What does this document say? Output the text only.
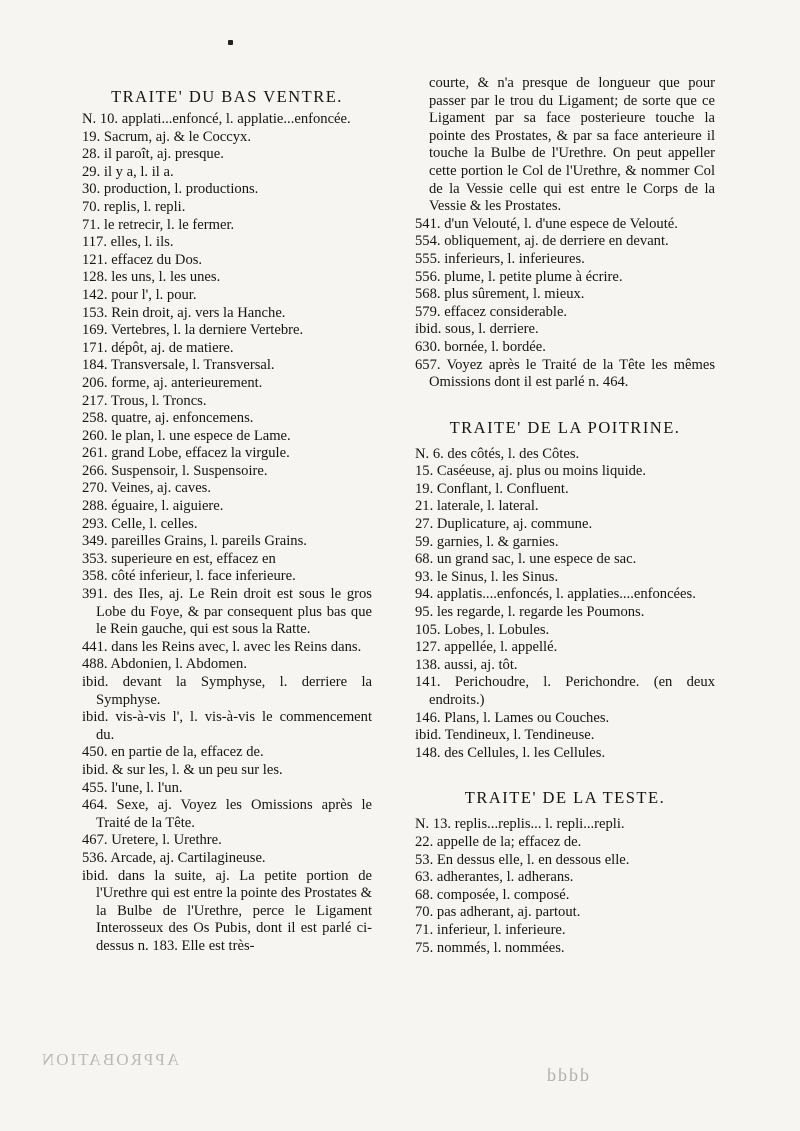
TRAITE' DU BAS VENTRE.
N. 10. applati...enfoncé, l. applatie...enfoncée.
19. Sacrum, aj. & le Coccyx.
28. il paroît, aj. presque.
29. il y a, l. il a.
30. production, l. productions.
70. replis, l. repli.
71. le retrecir, l. le fermer.
117. elles, l. ils.
121. effacez du Dos.
128. les uns, l. les unes.
142. pour l', l. pour.
153. Rein droit, aj. vers la Hanche.
169. Vertebres, l. la derniere Vertebre.
171. dépôt, aj. de matiere.
184. Transversale, l. Transversal.
206. forme, aj. anterieurement.
217. Trous, l. Troncs.
258. quatre, aj. enfoncemens.
260. le plan, l. une espece de Lame.
261. grand Lobe, effacez la virgule.
266. Suspensoir, l. Suspensoire.
270. Veines, aj. caves.
288. éguaire, l. aiguiere.
293. Celle, l. celles.
349. pareilles Grains, l. pareils Grains.
353. superieure en est, effacez en
358. côté inferieur, l. face inferieure.
391. des Iles, aj. Le Rein droit est sous le gros Lobe du Foye, & par consequent plus bas que le Rein gauche, qui est sous la Ratte.
441. dans les Reins avec, l. avec les Reins dans.
488. Abdonien, l. Abdomen.
ibid. devant la Symphyse, l. derriere la Symphyse.
ibid. vis-à-vis l', l. vis-à-vis le commencement du.
450. en partie de la, effacez de.
ibid. & sur les, l. & un peu sur les.
455. l'une, l. l'un.
464. Sexe, aj. Voyez les Omissions après le Traité de la Tête.
467. Uretere, l. Urethre.
536. Arcade, aj. Cartilagineuse.
ibid. dans la suite, aj. La petite portion de l'Urethre qui est entre la pointe des Prostates & la Bulbe de l'Urethre, perce le Ligament Interosseux des Os Pubis, dont il est parlé ci-dessus n. 183. Elle est très-
courte, & n'a presque de longueur que pour passer par le trou du Ligament; de sorte que ce Ligament par sa face posterieure touche la pointe des Prostates, & par sa face anterieure il touche la Bulbe de l'Urethre. On peut appeller cette portion le Col de l'Urethre, & nommer Col de la Vessie celle qui est entre le Corps de la Vessie & les Prostates.
541. d'un Velouté, l. d'une espece de Velouté.
554. obliquement, aj. de derriere en devant.
555. inferieurs, l. inferieures.
556. plume, l. petite plume à écrire.
568. plus sûrement, l. mieux.
579. effacez considerable.
ibid. sous, l. derriere.
630. bornée, l. bordée.
657. Voyez après le Traité de la Tête les mêmes Omissions dont il est parlé n. 464.
TRAITE' DE LA POITRINE.
N. 6. des côtés, l. des Côtes.
15. Caséeuse, aj. plus ou moins liquide.
19. Conflant, l. Confluent.
21. laterale, l. lateral.
27. Duplicature, aj. commune.
59. garnies, l. & garnies.
68. un grand sac, l. une espece de sac.
93. le Sinus, l. les Sinus.
94. applatis....enfoncés, l. applaties....enfoncées.
95. les regarde, l. regarde les Poumons.
105. Lobes, l. Lobules.
127. appellée, l. appellé.
138. aussi, aj. tôt.
141. Perichoudre, l. Perichondre. (en deux endroits.)
146. Plans, l. Lames ou Couches.
ibid. Tendineux, l. Tendineuse.
148. des Cellules, l. les Cellules.
TRAITE' DE LA TESTE.
N. 13. replis...replis... l. repli...repli.
22. appelle de la; effacez de.
53. En dessus elle, l. en dessous elle.
63. adherantes, l. adherans.
68. composée, l. composé.
70. pas adherant, aj. partout.
71. inferieur, l. inferieure.
75. nommés, l. nommées.
APPROBATION
dddd
